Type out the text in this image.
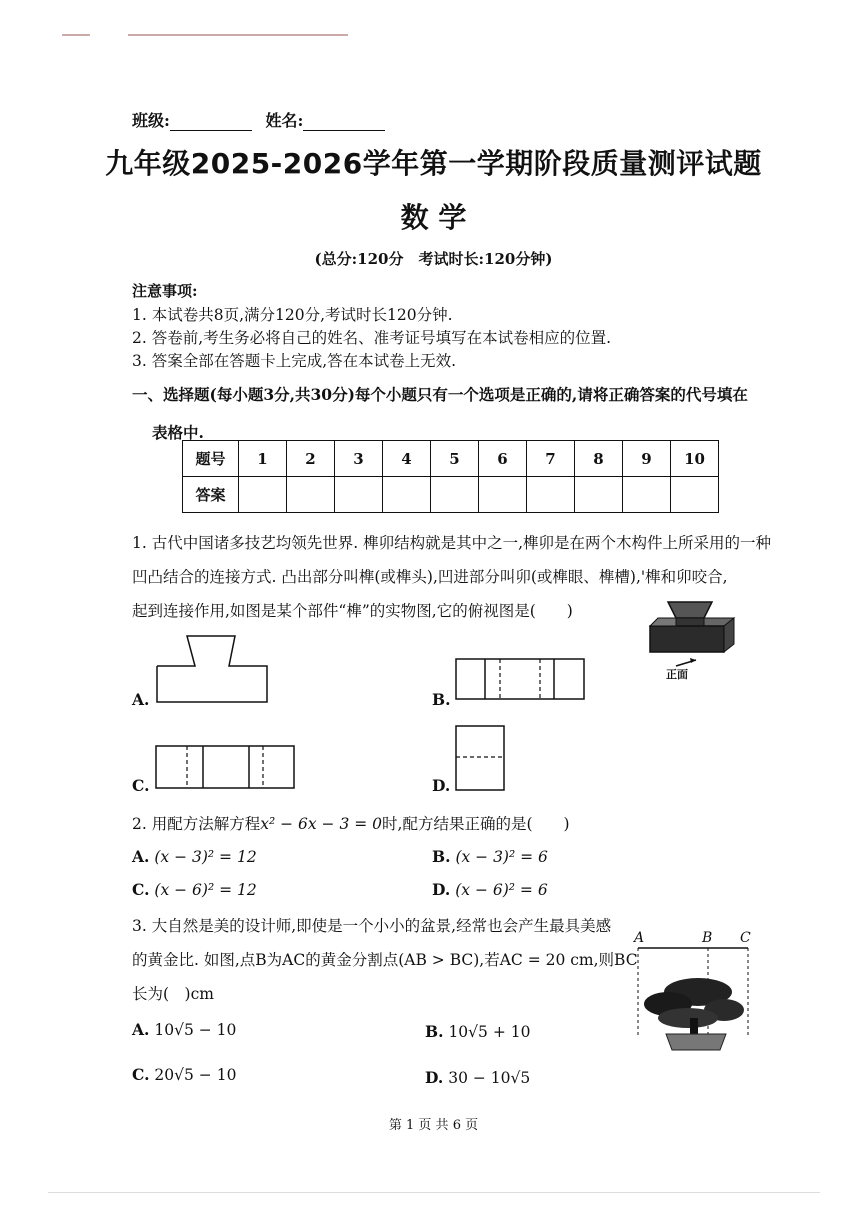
班级:	姓名:
九年级2025-2026学年第一学期阶段质量测评试题
数 学
(总分:120分　考试时长:120分钟)
注意事项:
1. 本试卷共8页,满分120分,考试时长120分钟.
2. 答卷前,考生务必将自己的姓名、准考证号填写在本试卷相应的位置.
3. 答案全部在答题卡上完成,答在本试卷上无效.
一、选择题(每小题3分,共30分)每个小题只有一个选项是正确的,请将正确答案的代号填在
表格中.
题号	1	2	3	4	5	6	7	8	9	10
答案										
1. 古代中国诸多技艺均领先世界. 榫卯结构就是其中之一,榫卯是在两个木构件上所采用的一种
凹凸结合的连接方式. 凸出部分叫榫(或榫头),凹进部分叫卯(或榫眼、榫槽),'榫和卯咬合,
起到连接作用,如图是某个部件“榫”的实物图,它的俯视图是(　　)
正面
A.	B.
C.	D.
2. 用配方法解方程x² − 6x − 3 = 0时,配方结果正确的是(　　)
A. (x − 3)² = 12	B. (x − 3)² = 6
C. (x − 6)² = 12	D. (x − 6)² = 6
3. 大自然是美的设计师,即使是一个小小的盆景,经常也会产生最具美感
的黄金比. 如图,点B为AC的黄金分割点(AB > BC),若AC = 20 cm,则BC
长为(　)cm
A	B C
A. 10√5 − 10	B. 10√5 + 10
C. 20√5 − 10	D. 30 − 10√5
第 1 页 共 6 页
